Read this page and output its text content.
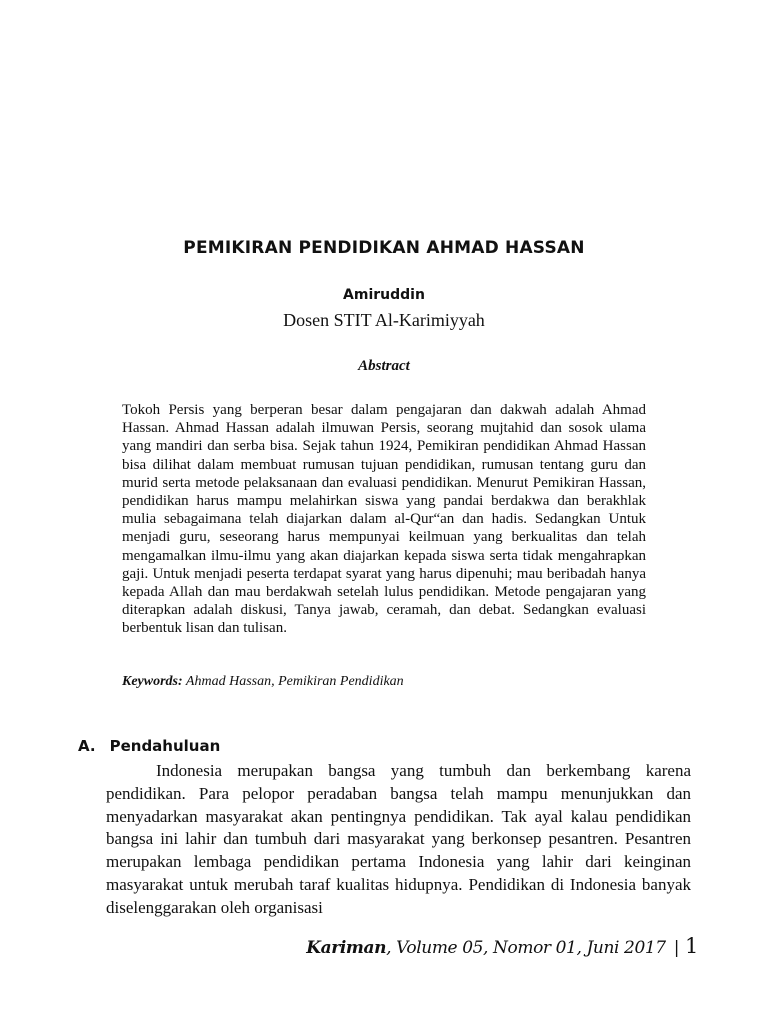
PEMIKIRAN PENDIDIKAN AHMAD HASSAN
Amiruddin
Dosen STIT Al-Karimiyyah
Abstract
Tokoh Persis yang berperan besar dalam pengajaran dan dakwah adalah Ahmad Hassan. Ahmad Hassan adalah ilmuwan Persis, seorang mujtahid dan sosok ulama yang mandiri dan serba bisa. Sejak tahun 1924, Pemikiran pendidikan Ahmad Hassan bisa dilihat dalam membuat rumusan tujuan pendidikan, rumusan tentang guru dan murid serta metode pelaksanaan dan evaluasi pendidikan. Menurut Pemikiran Hassan, pendidikan harus mampu melahirkan siswa yang pandai berdakwa dan berakhlak mulia sebagaimana telah diajarkan dalam al-Qur“an dan hadis. Sedangkan Untuk menjadi guru, seseorang harus mempunyai keilmuan yang berkualitas dan telah mengamalkan ilmu-ilmu yang akan diajarkan kepada siswa serta tidak mengahrapkan gaji. Untuk menjadi peserta terdapat syarat yang harus dipenuhi; mau beribadah hanya kepada Allah dan mau berdakwah setelah lulus pendidikan. Metode pengajaran yang diterapkan adalah diskusi, Tanya jawab, ceramah, dan debat. Sedangkan evaluasi berbentuk lisan dan tulisan.
Keywords: Ahmad Hassan, Pemikiran Pendidikan
A. Pendahuluan

Indonesia merupakan bangsa yang tumbuh dan berkembang karena pendidikan. Para pelopor peradaban bangsa telah mampu menunjukkan dan menyadarkan masyarakat akan pentingnya pendidikan. Tak ayal kalau pendidikan bangsa ini lahir dan tumbuh dari masyarakat yang berkonsep pesantren. Pesantren merupakan lembaga pendidikan pertama Indonesia yang lahir dari keinginan masyarakat untuk merubah taraf kualitas hidupnya. Pendidikan di Indonesia banyak diselenggarakan oleh organisasi

Kariman , Volume 05, Nomor 01, Juni 2017 | 1
